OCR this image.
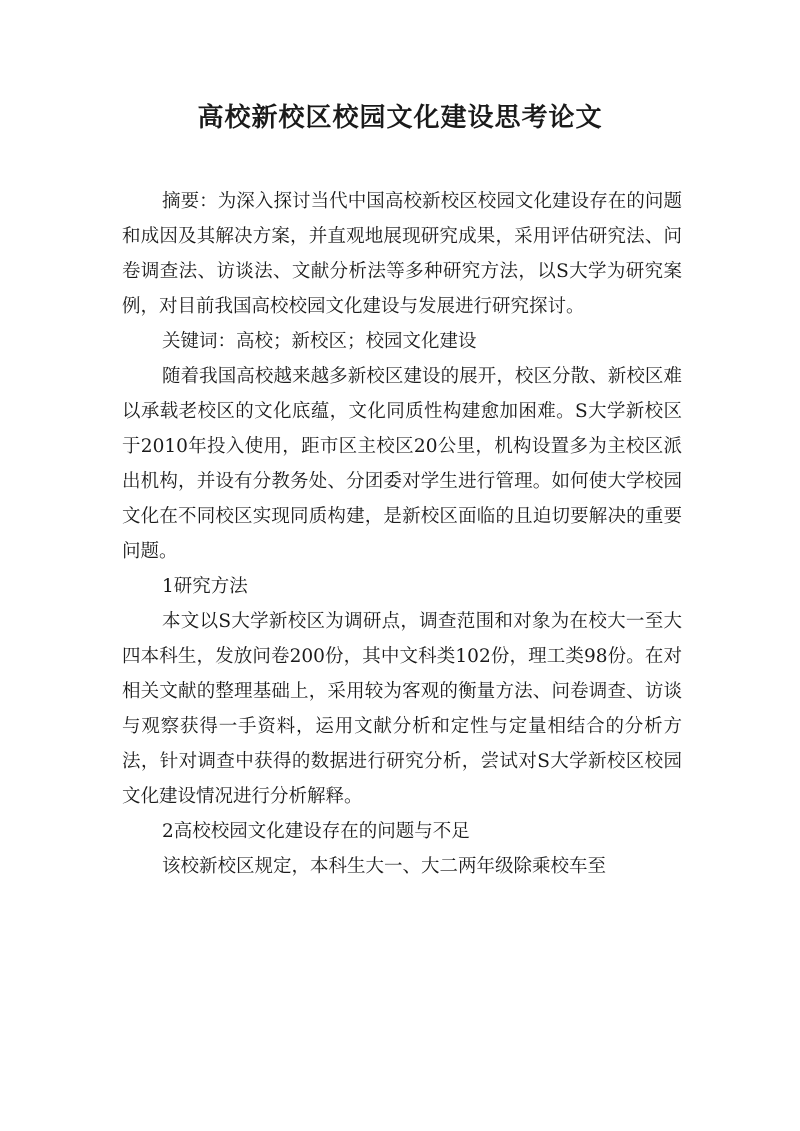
高校新校区校园文化建设思考论文

摘要：为深入探讨当代中国高校新校区校园文化建设存在的问题和成因及其解决方案，并直观地展现研究成果，采用评估研究法、问卷调查法、访谈法、文献分析法等多种研究方法，以S大学为研究案例，对目前我国高校校园文化建设与发展进行研究探讨。

关键词：高校；新校区；校园文化建设

随着我国高校越来越多新校区建设的展开，校区分散、新校区难以承载老校区的文化底蕴，文化同质性构建愈加困难。S大学新校区于2010年投入使用，距市区主校区20公里，机构设置多为主校区派出机构，并设有分教务处、分团委对学生进行管理。如何使大学校园文化在不同校区实现同质构建，是新校区面临的且迫切要解决的重要问题。

1研究方法

本文以S大学新校区为调研点，调查范围和对象为在校大一至大四本科生，发放问卷200份，其中文科类102份，理工类98份。在对相关文献的整理基础上，采用较为客观的衡量方法、问卷调查、访谈与观察获得一手资料，运用文献分析和定性与定量相结合的分析方法，针对调查中获得的数据进行研究分析，尝试对S大学新校区校园文化建设情况进行分析解释。

2高校校园文化建设存在的问题与不足

该校新校区规定，本科生大一、大二两年级除乘校车至
